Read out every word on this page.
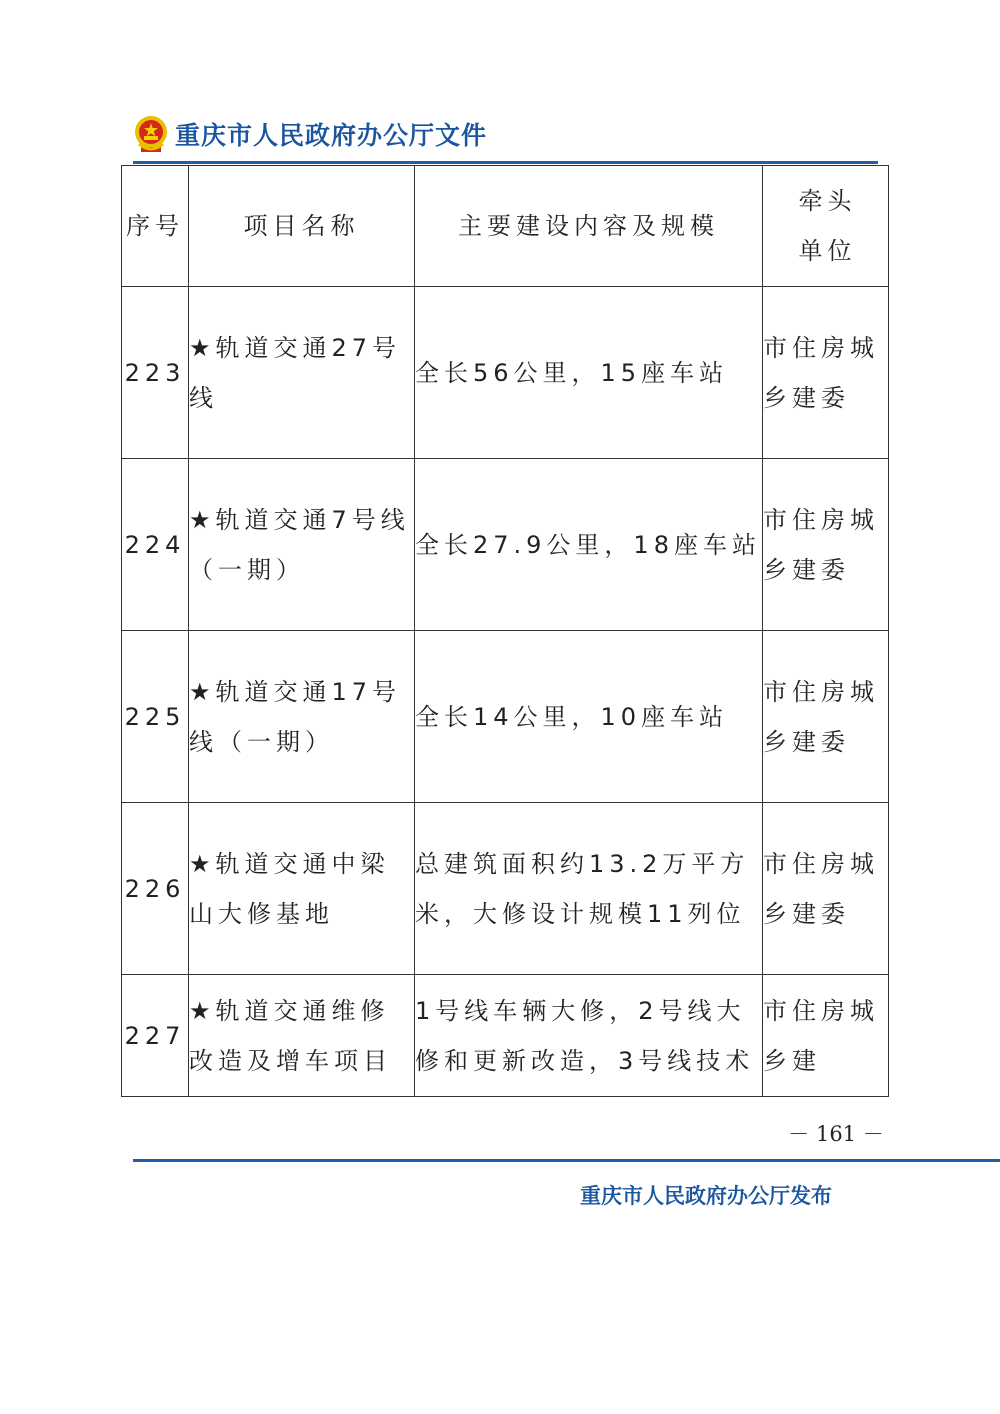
重庆市人民政府办公厅文件
序号	项目名称	主要建设内容及规模	牵头单位
223	★轨道交通27号线	全长56公里，15座车站	市住房城乡建委

224	★轨道交通7号线（一期）	全长27.9公里，18座车站	市住房城乡建委

225	★轨道交通17号线（一期）	全长14公里，10座车站	市住房城乡建委

226	★轨道交通中梁山大修基地	总建筑面积约13.2万平方米，大修设计规模11列位	市住房城乡建委

227	★轨道交通维修改造及增车项目	1号线车辆大修，2号线大修和更新改造，3号线技术	市住房城乡建
－ 161 －
重庆市人民政府办公厅发布
